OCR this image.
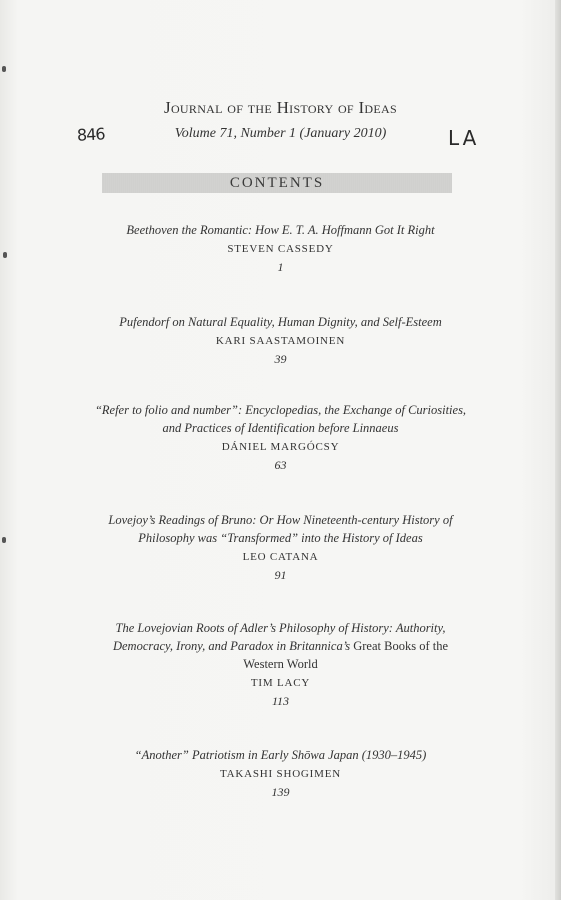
Journal of the History of Ideas
Volume 71, Number 1 (January 2010)
846	LA
CONTENTS
Beethoven the Romantic: How E. T. A. Hoffmann Got It Right
STEVEN CASSEDY
1
Pufendorf on Natural Equality, Human Dignity, and Self-Esteem
KARI SAASTAMOINEN
39
“Refer to folio and number”: Encyclopedias, the Exchange of Curiosities,
and Practices of Identification before Linnaeus
DÁNIEL MARGÓCSY
63
Lovejoy’s Readings of Bruno: Or How Nineteenth-century History of
Philosophy was “Transformed” into the History of Ideas
LEO CATANA
91
The Lovejovian Roots of Adler’s Philosophy of History: Authority,
Democracy, Irony, and Paradox in Britannica’s Great Books of the
Western World
TIM LACY
113
“Another” Patriotism in Early Shōwa Japan (1930–1945)
TAKASHI SHOGIMEN
139
